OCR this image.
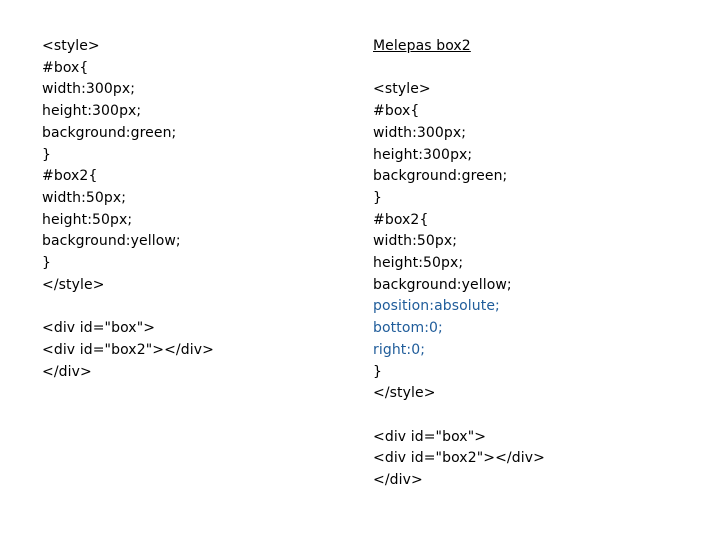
<style>
#box{
width:300px;
height:300px;
background:green;
}
#box2{
width:50px;
height:50px;
background:yellow;
}
</style>
<div id="box">
<div id="box2"></div>
</div>
Melepas box2
<style>
#box{
width:300px;
height:300px;
background:green;
}
#box2{
width:50px;
height:50px;
background:yellow;
position:absolute;
bottom:0;
right:0;
}
</style>
<div id="box">
<div id="box2"></div>
</div>
